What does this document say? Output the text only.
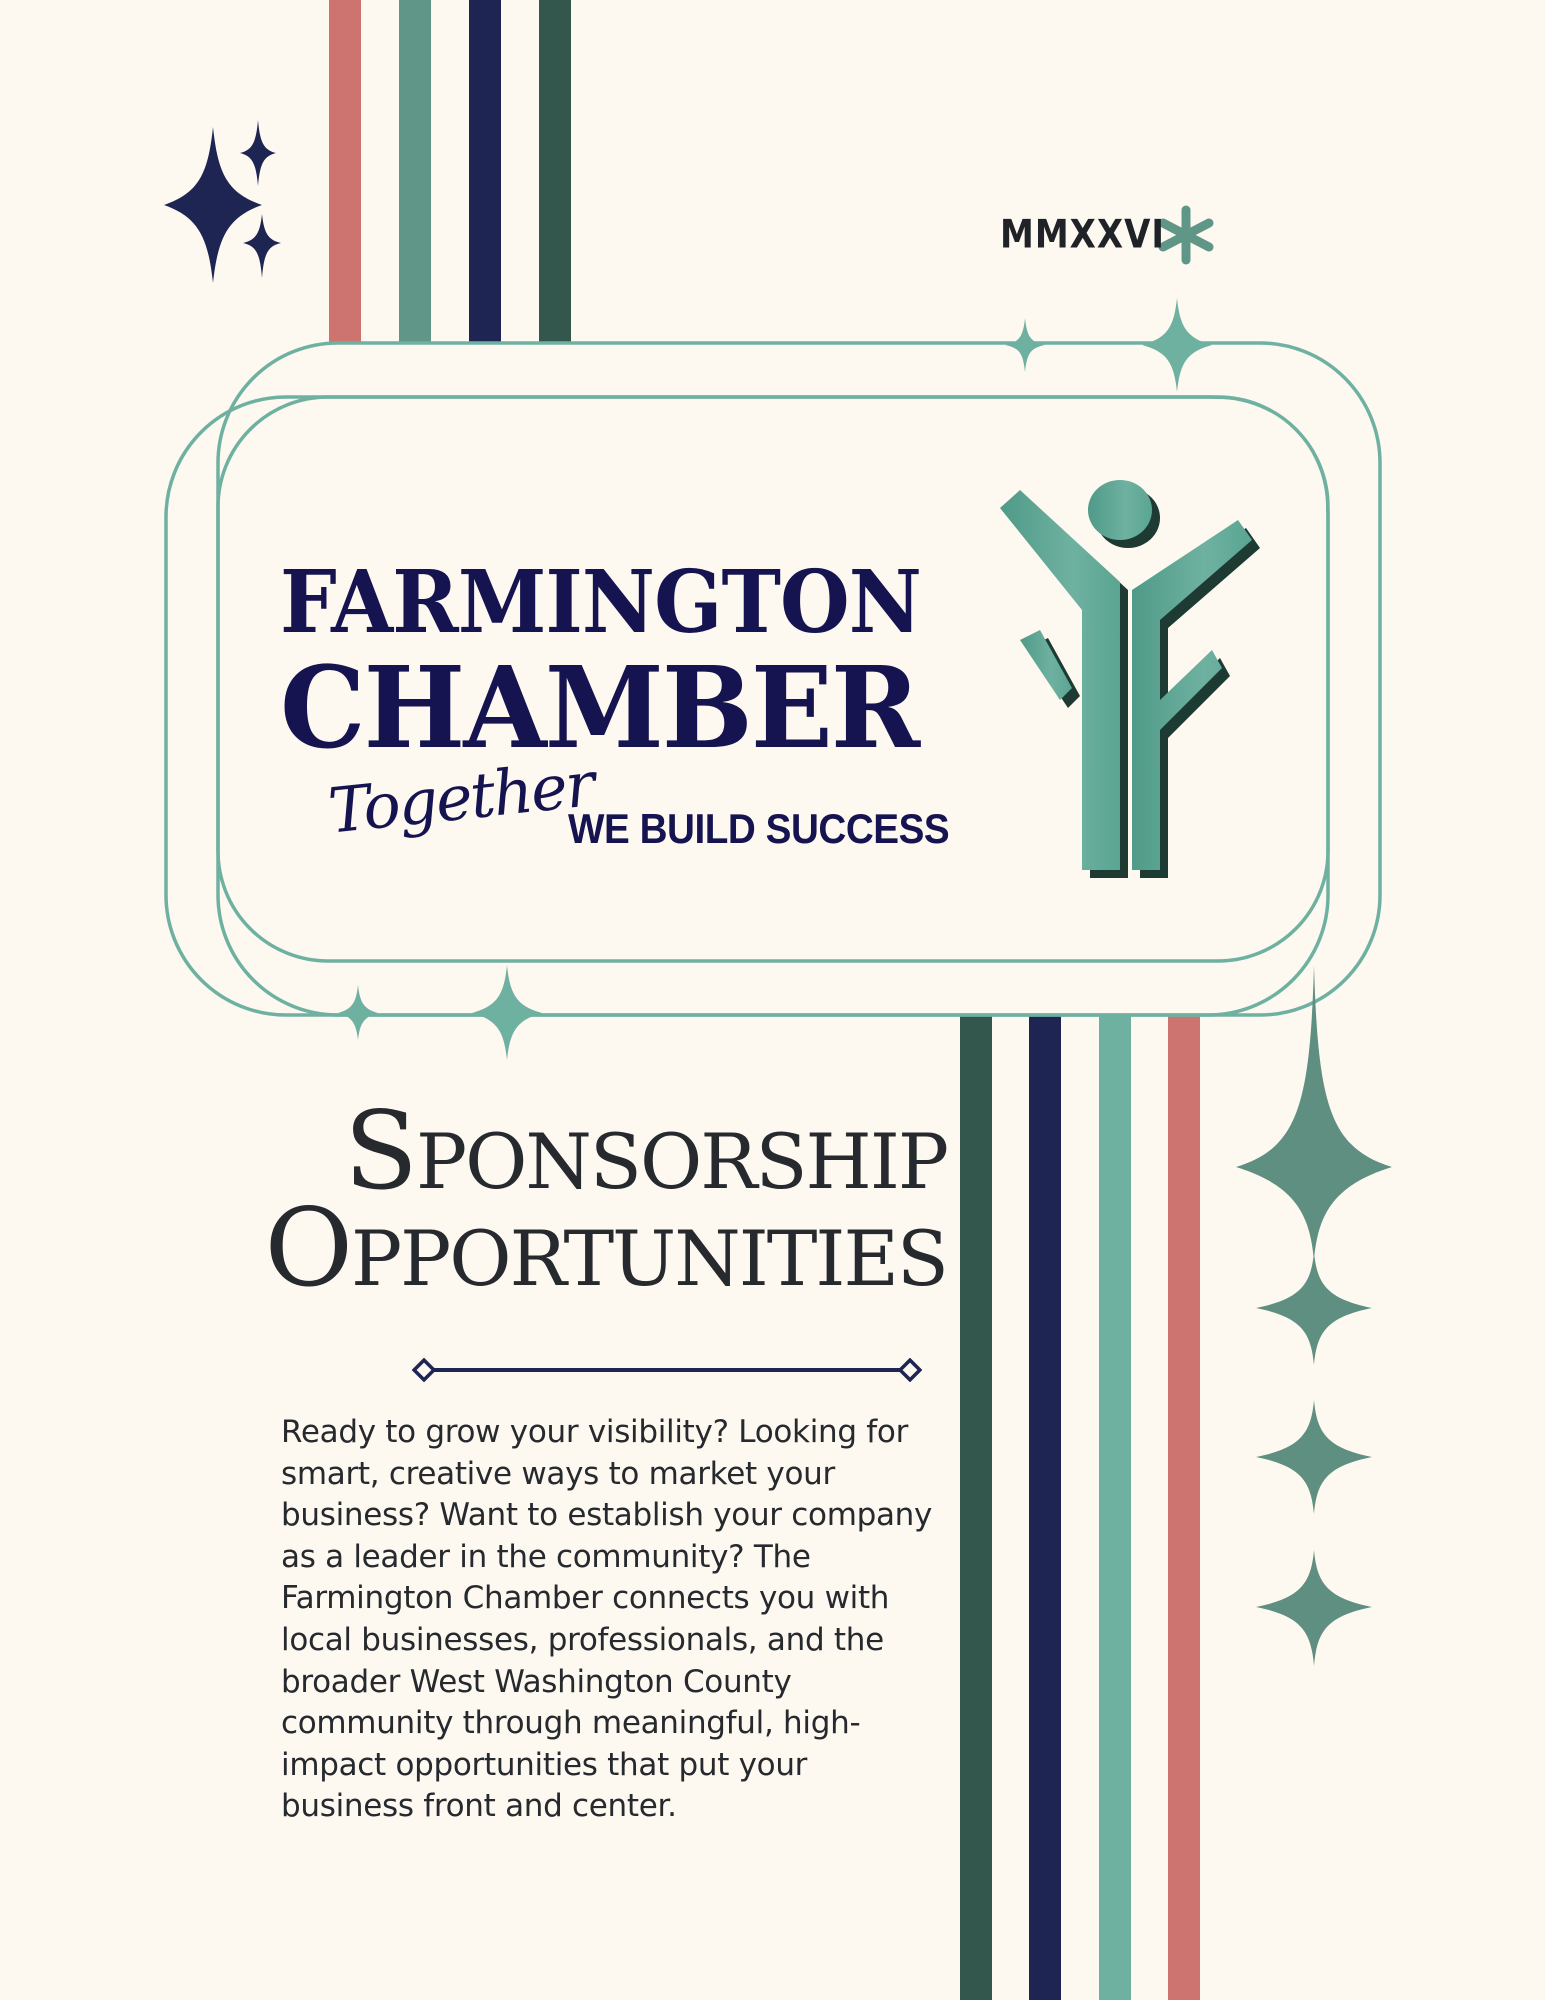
MMXXVI
FARMINGTON
CHAMBER
Together
WE BUILD SUCCESS
Sponsorship
Opportunities
Ready to grow your visibility? Looking for smart, creative ways to market your business? Want to establish your company as a leader in the community? The Farmington Chamber connects you with local businesses, professionals, and the broader West Washington County community through meaningful, high-impact opportunities that put your business front and center.
